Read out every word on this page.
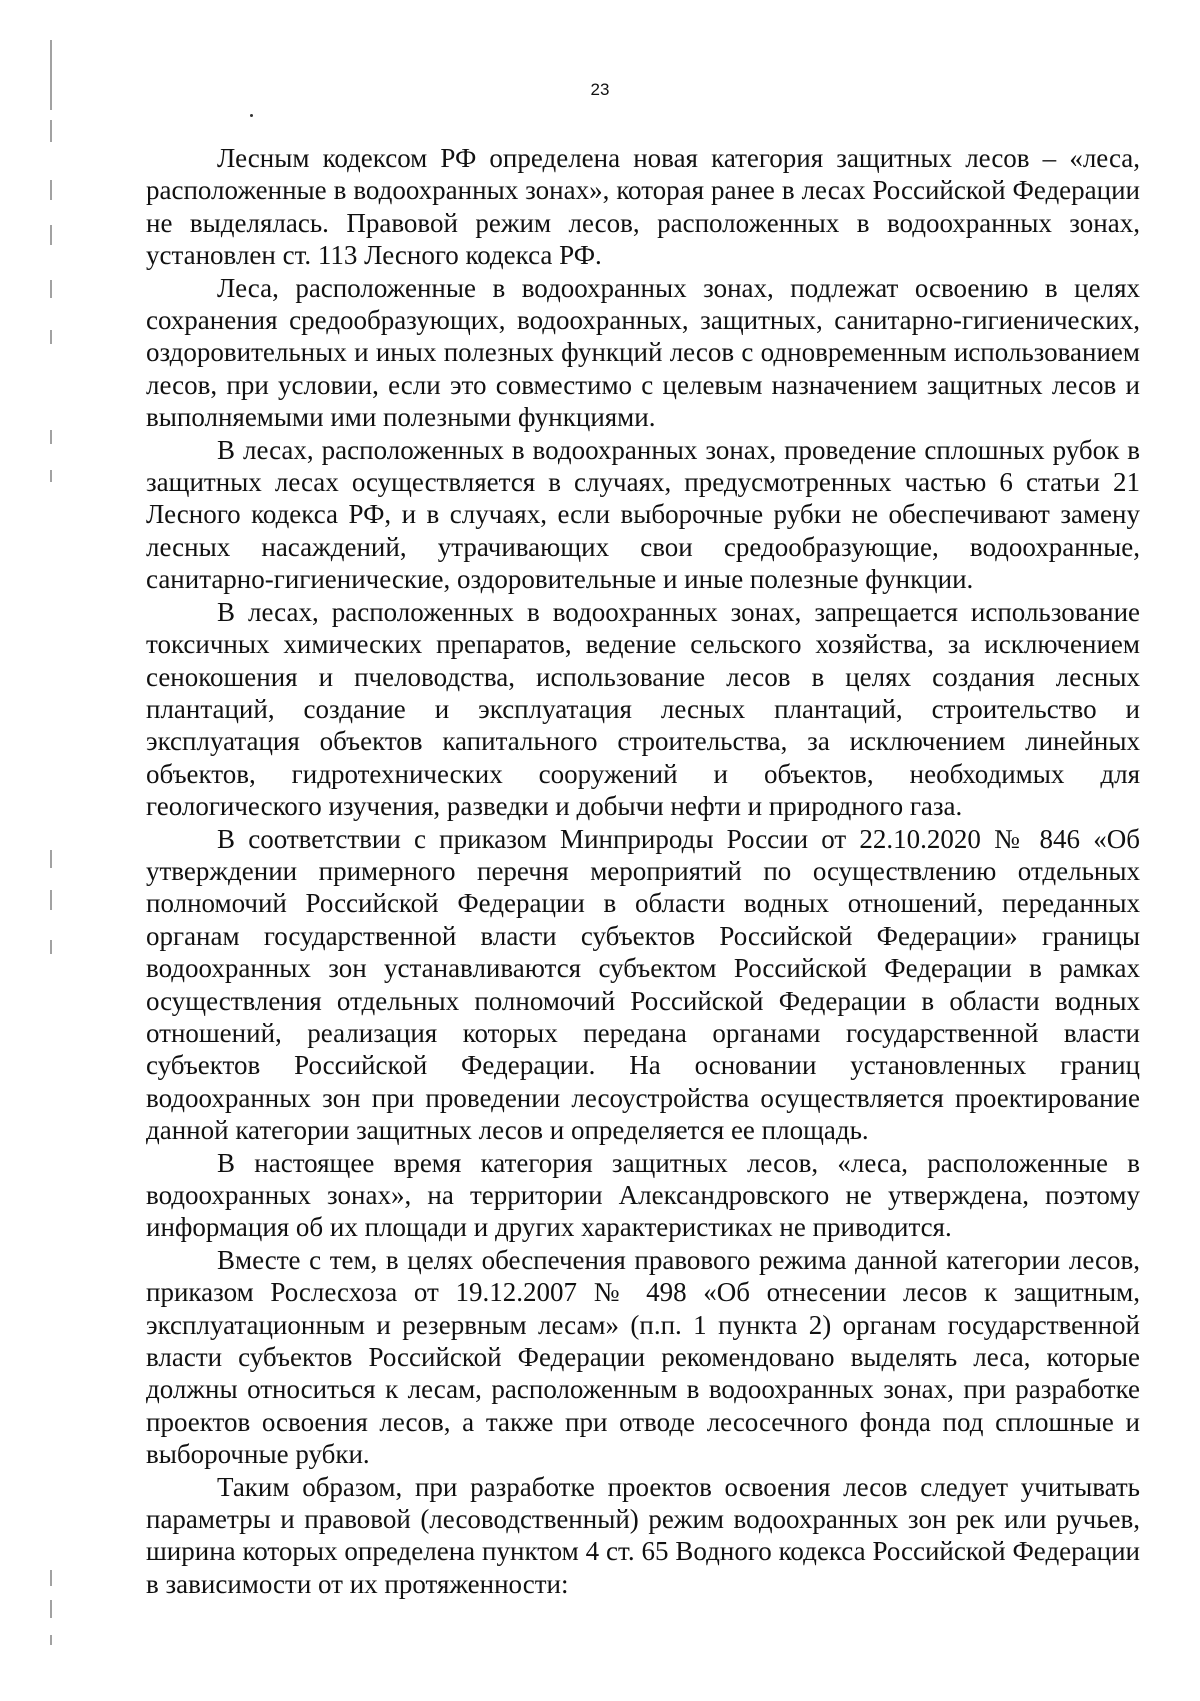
23

Лесным кодексом РФ определена новая категория защитных лесов – «леса, расположенные в водоохранных зонах», которая ранее в лесах Российской Федерации не выделялась. Правовой режим лесов, расположенных в водоохранных зонах, установлен ст. 113 Лесного кодекса РФ.

Леса, расположенные в водоохранных зонах, подлежат освоению в целях сохранения средообразующих, водоохранных, защитных, санитарно-гигиенических, оздоровительных и иных полезных функций лесов с одновременным использованием лесов, при условии, если это совместимо с целевым назначением защитных лесов и выполняемыми ими полезными функциями.

В лесах, расположенных в водоохранных зонах, проведение сплошных рубок в защитных лесах осуществляется в случаях, предусмотренных частью 6 статьи 21 Лесного кодекса РФ, и в случаях, если выборочные рубки не обеспечивают замену лесных насаждений, утрачивающих свои средообразующие, водоохранные, санитарно-гигиенические, оздоровительные и иные полезные функции.

В лесах, расположенных в водоохранных зонах, запрещается использование токсичных химических препаратов, ведение сельского хозяйства, за исключением сенокошения и пчеловодства, использование лесов в целях создания лесных плантаций, создание и эксплуатация лесных плантаций, строительство и эксплуатация объектов капитального строительства, за исключением линейных объектов, гидротехнических сооружений и объектов, необходимых для геологического изучения, разведки и добычи нефти и природного газа.

В соответствии с приказом Минприроды России от 22.10.2020 № 846 «Об утверждении примерного перечня мероприятий по осуществлению отдельных полномочий Российской Федерации в области водных отношений, переданных органам государственной власти субъектов Российской Федерации» границы водоохранных зон устанавливаются субъектом Российской Федерации в рамках осуществления отдельных полномочий Российской Федерации в области водных отношений, реализация которых передана органами государственной власти субъектов Российской Федерации. На основании установленных границ водоохранных зон при проведении лесоустройства осуществляется проектирование данной категории защитных лесов и определяется ее площадь.

В настоящее время категория защитных лесов, «леса, расположенные в водоохранных зонах», на территории Александровского не утверждена, поэтому информация об их площади и других характеристиках не приводится.

Вместе с тем, в целях обеспечения правового режима данной категории лесов, приказом Рослесхоза от 19.12.2007 № 498 «Об отнесении лесов к защитным, эксплуатационным и резервным лесам» (п.п. 1 пункта 2) органам государственной власти субъектов Российской Федерации рекомендовано выделять леса, которые должны относиться к лесам, расположенным в водоохранных зонах, при разработке проектов освоения лесов, а также при отводе лесосечного фонда под сплошные и выборочные рубки.

Таким образом, при разработке проектов освоения лесов следует учитывать параметры и правовой (лесоводственный) режим водоохранных зон рек или ручьев, ширина которых определена пунктом 4 ст. 65 Водного кодекса Российской Федерации в зависимости от их протяженности:
